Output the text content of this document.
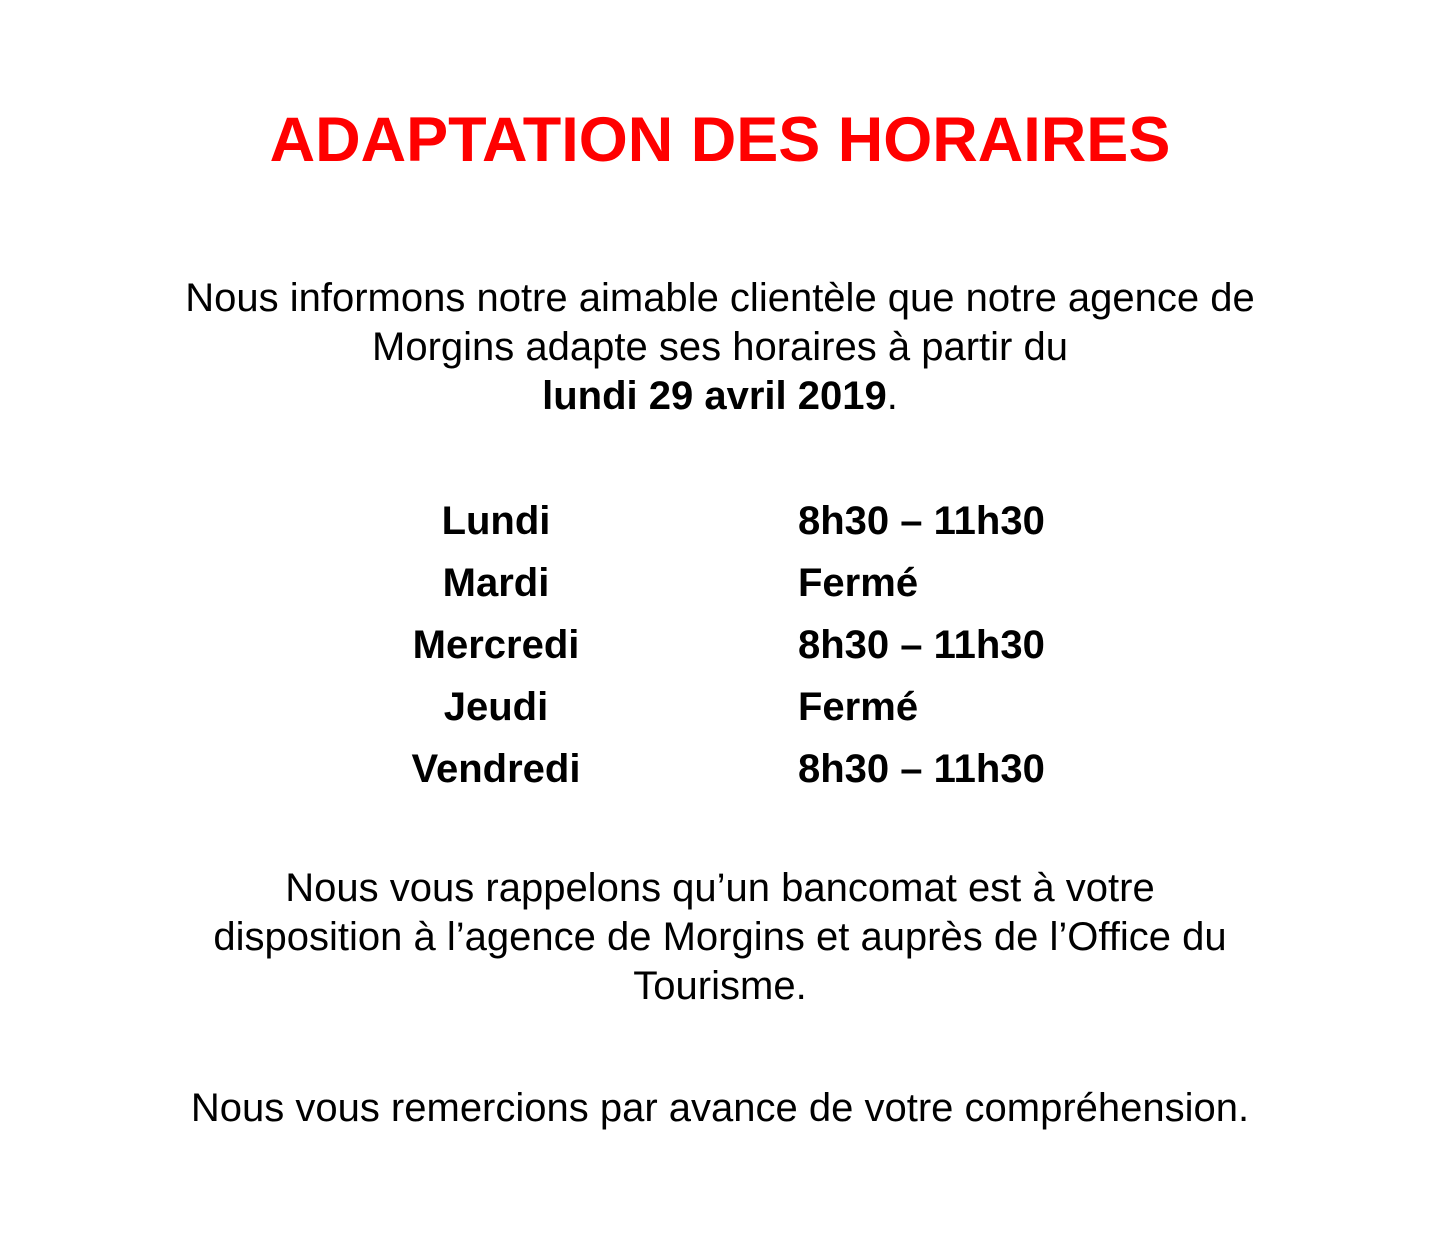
ADAPTATION DES HORAIRES

Nous informons notre aimable clientèle que notre agence de
Morgins adapte ses horaires à partir du
lundi 29 avril 2019.

Lundi	8h30 – 11h30
Mardi	Fermé
Mercredi	8h30 – 11h30
Jeudi	Fermé
Vendredi	8h30 – 11h30

Nous vous rappelons qu’un bancomat est à votre
disposition à l’agence de Morgins et auprès de l’Office du
Tourisme.

Nous vous remercions par avance de votre compréhension.
